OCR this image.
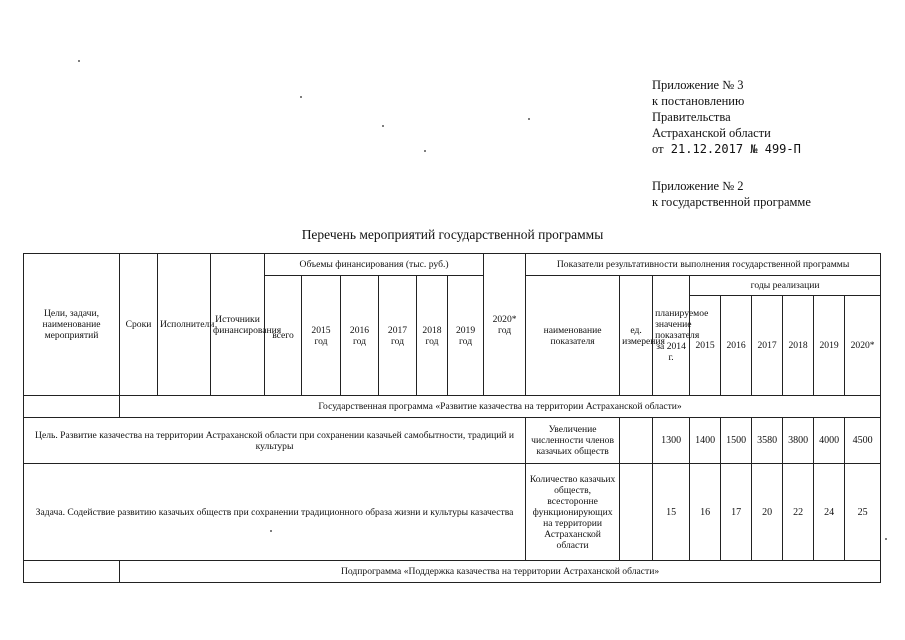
Приложение № 3
к постановлению
Правительства
Астраханской области
от 21.12.2017 № 499-П
Приложение № 2
к государственной программе
Перечень мероприятий государственной программы
Цели, задачи, наименование мероприятий	Сроки	Исполнители	Источники финансирования	Объемы финансирования (тыс. руб.)						2020* год	Показатели результативности выполнения государственной программы								
				всего	2015 год	2016 год	2017 год	2018 год	2019 год		наименование показателя	ед. измерения	планируемое значение показателя за 2014 г.	годы реализации					
														2015	2016	2017	2018	2019	2020*
	Государственная программа «Развитие казачества на территории Астраханской области»																		
Цель. Развитие казачества на территории Астраханской области при сохранении казачьей самобытности, традиций и культуры											Увеличение численности членов казачьих обществ		1300	1400	1500	3580	3800	4000	4500
Задача. Содействие развитию казачьих обществ при сохранении традиционного образа жизни и культуры казачества											Количество казачьих обществ, всесторонне функционирующих на территории Астраханской области		15	16	17	20	22	24	25
	Подпрограмма «Поддержка казачества на территории Астраханской области»																		
